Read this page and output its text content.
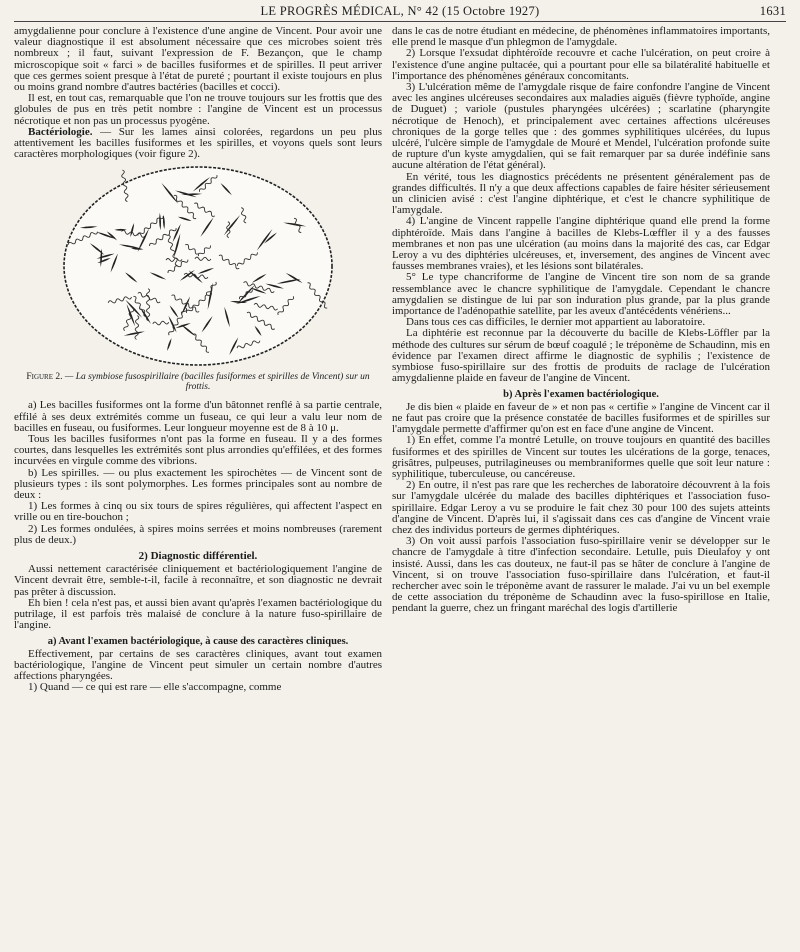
LE PROGRÈS MÉDICAL, N° 42 (15 Octobre 1927)	1631

amygdalienne pour conclure à l'existence d'une angine de Vincent. Pour avoir une valeur diagnostique il est absolument nécessaire que ces microbes soient très nombreux ; il faut, suivant l'expression de F. Bezançon, que le champ microscopique soit « farci » de bacilles fusiformes et de spirilles. Il peut arriver que ces germes soient presque à l'état de pureté ; pourtant il existe toujours en plus ou moins grand nombre d'autres bactéries (bacilles et cocci).

Il est, en tout cas, remarquable que l'on ne trouve toujours sur les frottis que des globules de pus en très petit nombre : l'angine de Vincent est un processus nécrotique et non pas un processus pyogène.

Bactériologie. — Sur les lames ainsi colorées, regardons un peu plus attentivement les bacilles fusiformes et les spirilles, et voyons quels sont leurs caractères morphologiques (voir figure 2).

Figure 2. — La symbiose fusospirillaire (bacilles fusiformes et spirilles de Vincent) sur un frottis.

a) Les bacilles fusiformes ont la forme d'un bâtonnet renflé à sa partie centrale, effilé à ses deux extrémités comme un fuseau, ce qui leur a valu leur nom de bacilles en fuseau, ou fusiformes. Leur longueur moyenne est de 8 à 10 μ.

Tous les bacilles fusiformes n'ont pas la forme en fuseau. Il y a des formes courtes, dans lesquelles les extrémités sont plus arrondies qu'effilées, et des formes incurvées en virgule comme des vibrions.

b) Les spirilles. — ou plus exactement les spirochètes — de Vincent sont de plusieurs types : ils sont polymorphes. Les formes principales sont au nombre de deux :

1) Les formes à cinq ou six tours de spires régulières, qui affectent l'aspect en vrille ou en tire-bouchon ;

2) Les formes ondulées, à spires moins serrées et moins nombreuses (rarement plus de deux.)

2) Diagnostic différentiel.

Aussi nettement caractérisée cliniquement et bactériologiquement l'angine de Vincent devrait être, semble-t-il, facile à reconnaître, et son diagnostic ne devrait pas prêter à discussion.

Eh bien ! cela n'est pas, et aussi bien avant qu'après l'examen bactériologique du putrilage, il est parfois très malaisé de conclure à la nature fuso-spirillaire de l'angine.

a) Avant l'examen bactériologique, à cause des caractères cliniques.

Effectivement, par certains de ses caractères cliniques, avant tout examen bactériologique, l'angine de Vincent peut simuler un certain nombre d'autres affections pharyngées.

1) Quand — ce qui est rare — elle s'accompagne, comme

dans le cas de notre étudiant en médecine, de phénomènes inflammatoires importants, elle prend le masque d'un phlegmon de l'amygdale.

2) Lorsque l'exsudat diphtéroïde recouvre et cache l'ulcération, on peut croire à l'existence d'une angine pultacée, qui a pourtant pour elle sa bilatéralité habituelle et l'importance des phénomènes généraux concomitants.

3) L'ulcération même de l'amygdale risque de faire confondre l'angine de Vincent avec les angines ulcéreuses secondaires aux maladies aiguës (fièvre typhoïde, angine de Duguet) ; variole (pustules pharyngées ulcérées) ; scarlatine (pharyngite nécrotique de Henoch), et principalement avec certaines affections ulcéreuses chroniques de la gorge telles que : des gommes syphilitiques ulcérées, du lupus ulcéré, l'ulcère simple de l'amygdale de Mouré et Mendel, l'ulcération profonde suite de rupture d'un kyste amygdalien, qui se fait remarquer par sa durée indéfinie sans aucune altération de l'état général).

En vérité, tous les diagnostics précédents ne présentent généralement pas de grandes difficultés. Il n'y a que deux affections capables de faire hésiter sérieusement un clinicien avisé : c'est l'angine diphtérique, et c'est le chancre syphilitique de l'amygdale.

4) L'angine de Vincent rappelle l'angine diphtérique quand elle prend la forme diphtéroïde. Mais dans l'angine à bacilles de Klebs-Lœffler il y a des fausses membranes et non pas une ulcération (au moins dans la majorité des cas, car Edgar Leroy a vu des diphtéries ulcéreuses, et, inversement, des angines de Vincent avec fausses membranes vraies), et les lésions sont bilatérales.

5° Le type chancriforme de l'angine de Vincent tire son nom de sa grande ressemblance avec le chancre syphilitique de l'amygdale. Cependant le chancre amygdalien se distingue de lui par son induration plus grande, par la plus grande importance de l'adénopathie satellite, par les aveux d'antécédents vénériens...

Dans tous ces cas difficiles, le dernier mot appartient au laboratoire.

La diphtérie est reconnue par la découverte du bacille de Klebs-Löffler par la méthode des cultures sur sérum de bœuf coagulé ; le tréponème de Schaudinn, mis en évidence par l'examen direct affirme le diagnostic de syphilis ; l'existence de symbiose fuso-spirillaire sur des frottis de produits de raclage de l'ulcération amygdalienne plaide en faveur de l'angine de Vincent.

b) Après l'examen bactériologique.

Je dis bien « plaide en faveur de » et non pas « certifie » l'angine de Vincent car il ne faut pas croire que la présence constatée de bacilles fusiformes et de spirilles sur l'amygdale permette d'affirmer qu'on est en face d'une angine de Vincent.

1) En effet, comme l'a montré Letulle, on trouve toujours en quantité des bacilles fusiformes et des spirilles de Vincent sur toutes les ulcérations de la gorge, tenaces, grisâtres, pulpeuses, putrilagineuses ou membraniformes quelle que soit leur nature : syphilitique, tuberculeuse, ou cancéreuse.

2) En outre, il n'est pas rare que les recherches de laboratoire découvrent à la fois sur l'amygdale ulcérée du malade des bacilles diphtériques et l'association fuso-spirillaire. Edgar Leroy a vu se produire le fait chez 30 pour 100 des sujets atteints d'angine de Vincent. D'après lui, il s'agissait dans ces cas d'angine de Vincent vraie chez des individus porteurs de germes diphtériques.

3) On voit aussi parfois l'association fuso-spirillaire venir se développer sur le chancre de l'amygdale à titre d'infection secondaire. Letulle, puis Dieulafoy y ont insisté. Aussi, dans les cas douteux, ne faut-il pas se hâter de conclure à l'angine de Vincent, si on trouve l'association fuso-spirillaire dans l'ulcération, et faut-il rechercher avec soin le tréponème avant de rassurer le malade. J'ai vu un bel exemple de cette association du tréponème de Schaudinn avec la fuso-spirillose en Italie, pendant la guerre, chez un fringant maréchal des logis d'artillerie
